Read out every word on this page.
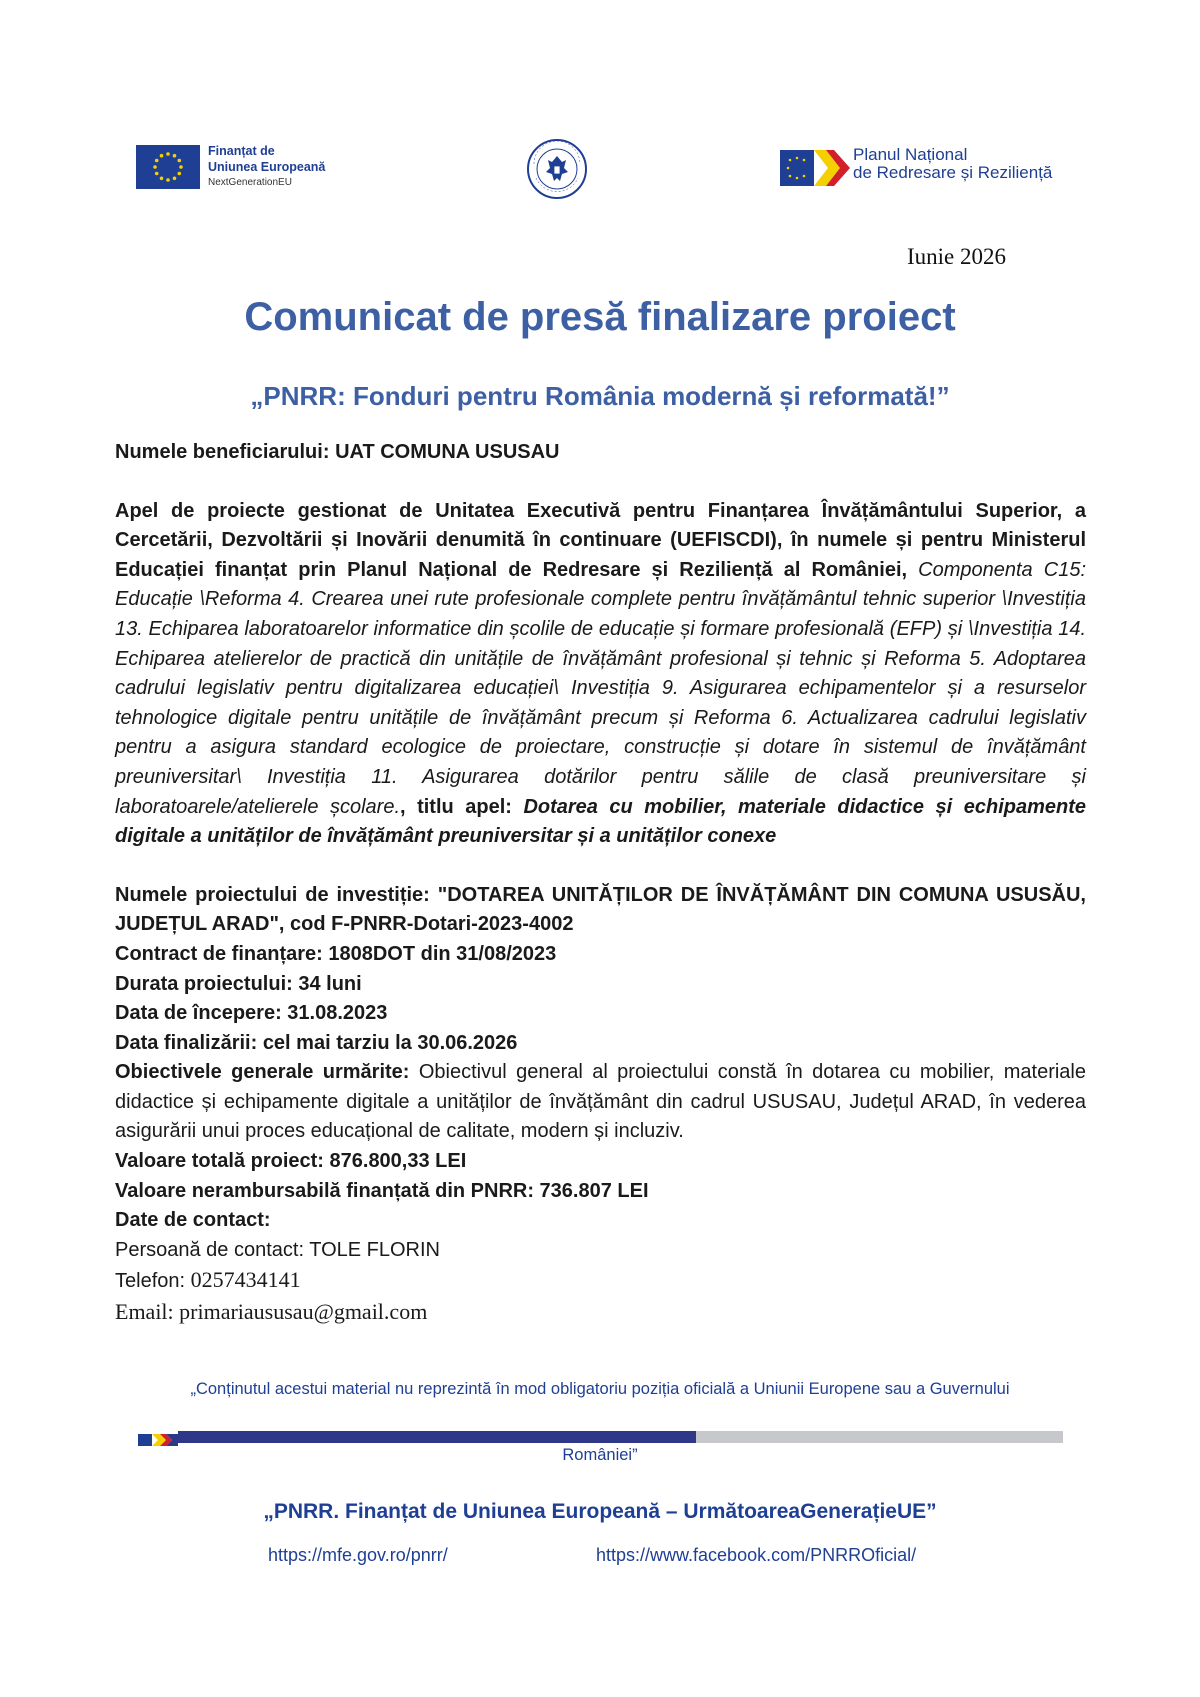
Finanțat de
Uniunea Europeană
NextGenerationEU
Planul Național
de Redresare și Reziliență
Iunie 2026
Comunicat de presă finalizare proiect
„PNRR: Fonduri pentru România modernă și reformată!”

Numele beneficiarului: UAT COMUNA USUSAU

Apel de proiecte gestionat de Unitatea Executivă pentru Finanțarea Învățământului Superior, a Cercetării, Dezvoltării și Inovării denumită în continuare (UEFISCDI), în numele și pentru Ministerul Educației finanțat prin Planul Național de Redresare și Reziliență al României, Componenta C15: Educație \Reforma 4. Crearea unei rute profesionale complete pentru învățământul tehnic superior \Investiția 13. Echiparea laboratoarelor informatice din școlile de educație și formare profesională (EFP) și \Investiția 14. Echiparea atelierelor de practică din unitățile de învățământ profesional și tehnic și Reforma 5. Adoptarea cadrului legislativ pentru digitalizarea educației\ Investiția 9. Asigurarea echipamentelor și a resurselor tehnologice digitale pentru unitățile de învățământ precum și Reforma 6. Actualizarea cadrului legislativ pentru a asigura standard ecologice de proiectare, construcție și dotare în sistemul de învățământ preuniversitar\ Investiția 11. Asigurarea dotărilor pentru sălile de clasă preuniversitare și laboratoarele/atelierele școlare., titlu apel: Dotarea cu mobilier, materiale didactice și echipamente digitale a unităților de învățământ preuniversitar și a unităților conexe

Numele proiectului de investiție: "DOTAREA UNITĂȚILOR DE ÎNVĂȚĂMÂNT DIN COMUNA USUSĂU, JUDEȚUL ARAD", cod F-PNRR-Dotari-2023-4002

Contract de finanțare: 1808DOT din 31/08/2023

Durata proiectului: 34 luni

Data de începere: 31.08.2023

Data finalizării: cel mai tarziu la 30.06.2026

Obiectivele generale urmărite: Obiectivul general al proiectului constă în dotarea cu mobilier, materiale didactice și echipamente digitale a unităților de învățământ din cadrul USUSAU, Județul ARAD, în vederea asigurării unui proces educațional de calitate, modern și incluziv.

Valoare totală proiect: 876.800,33 LEI

Valoare nerambursabilă finanțată din PNRR: 736.807 LEI

Date de contact:

Persoană de contact: TOLE FLORIN

Telefon: 0257434141

Email: primariaususau@gmail.com

„Conținutul acestui material nu reprezintă în mod obligatoriu poziția oficială a Uniunii Europene sau a Guvernului
României”
„PNRR. Finanțat de Uniunea Europeană – UrmătoareaGenerațieUE”
https://mfe.gov.ro/pnrr/	https://www.facebook.com/PNRROficial/
